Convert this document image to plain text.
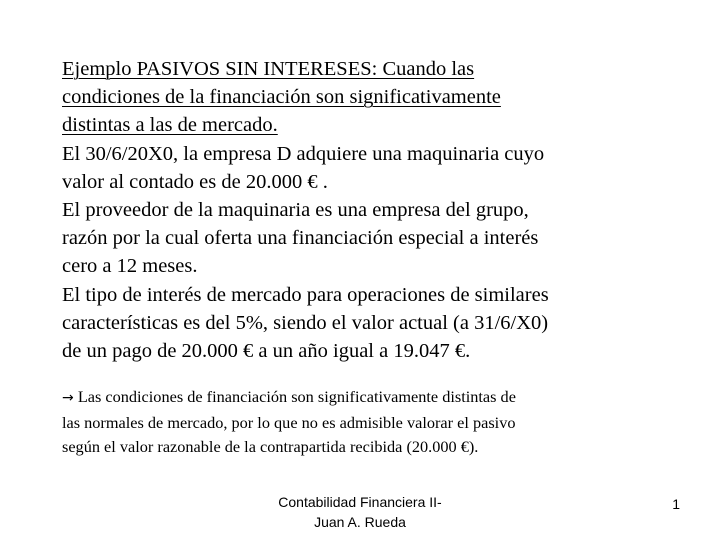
Ejemplo PASIVOS SIN INTERESES: Cuando las
condiciones de la financiación son significativamente
distintas a las de mercado.
El 30/6/20X0, la empresa D adquiere una maquinaria cuyo
valor al contado es de 20.000 € .
El proveedor de la maquinaria es una empresa del grupo,
razón por la cual oferta una financiación especial a interés
cero a 12 meses.
El tipo de interés de mercado para operaciones de similares
características es del 5%, siendo el valor actual (a 31/6/X0)
de un pago de 20.000 € a un año igual a 19.047 €.
→ Las condiciones de financiación son significativamente distintas de
las normales de mercado, por lo que no es admisible valorar el pasivo
según el valor razonable de la contrapartida recibida (20.000 €).
Contabilidad Financiera II-
Juan A. Rueda
1
